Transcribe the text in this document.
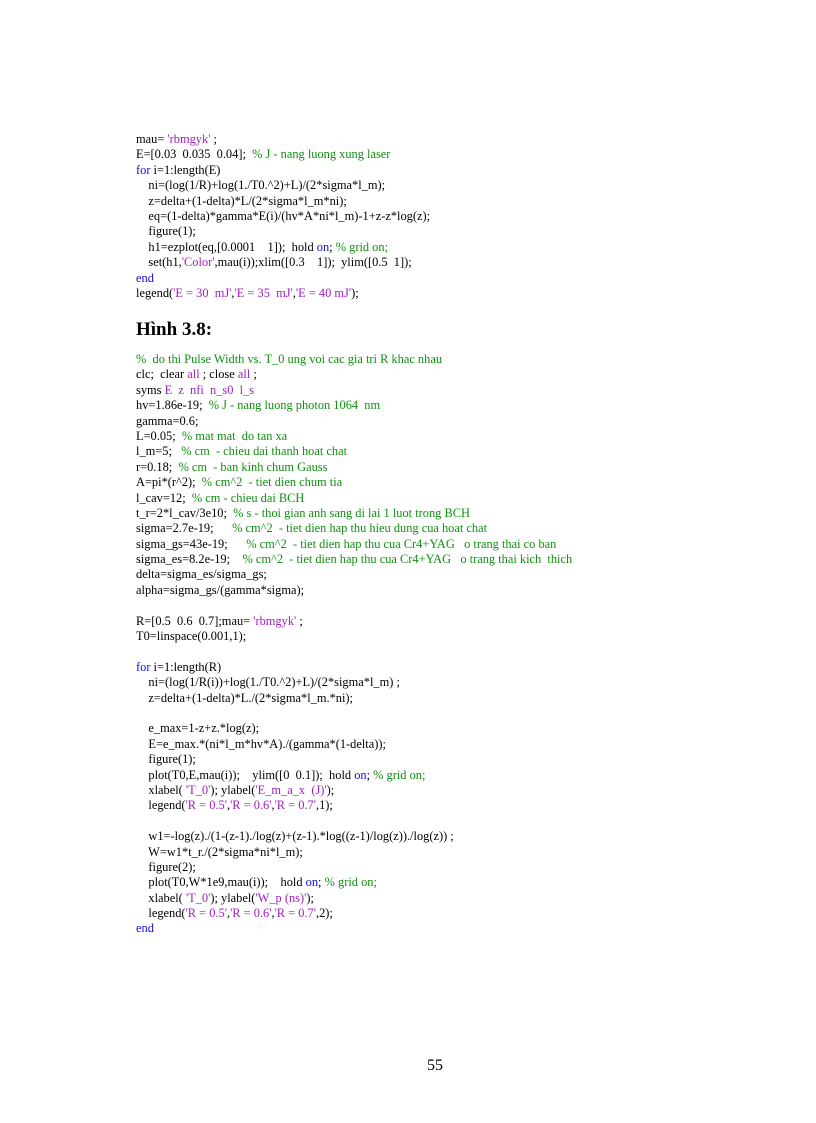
mau= 'rbmgyk' ;
E=[0.03  0.035  0.04];  % J - nang luong xung laser
for i=1:length(E)
ni=(log(1/R)+log(1./T0.^2)+L)/(2*sigma*l_m);
z=delta+(1-delta)*L/(2*sigma*l_m*ni);
eq=(1-delta)*gamma*E(i)/(hv*A*ni*l_m)-1+z-z*log(z);
figure(1);
h1=ezplot(eq,[0.0001    1]);  hold on; % grid on;
set(h1,'Color',mau(i));xlim([0.3    1]);  ylim([0.5  1]);
end
legend('E = 30  mJ','E = 35  mJ','E = 40 mJ');
Hình 3.8:
%  do thi Pulse Width vs. T_0 ung voi cac gia tri R khac nhau
clc;  clear all ; close all ;
syms E  z  nfi  n_s0  l_s
hv=1.86e-19;  % J - nang luong photon 1064  nm
gamma=0.6;
L=0.05;  % mat mat  do tan xa
l_m=5;   % cm  - chieu dai thanh hoat chat
r=0.18;  % cm  - ban kinh chum Gauss
A=pi*(r^2);  % cm^2  - tiet dien chum tia
l_cav=12;  % cm - chieu dai BCH
t_r=2*l_cav/3e10;  % s - thoi gian anh sang di lai 1 luot trong BCH
sigma=2.7e-19;      % cm^2  - tiet dien hap thu hieu dung cua hoat chat
sigma_gs=43e-19;      % cm^2  - tiet dien hap thu cua Cr4+YAG   o trang thai co ban
sigma_es=8.2e-19;    % cm^2  - tiet dien hap thu cua Cr4+YAG   o trang thai kich  thich
delta=sigma_es/sigma_gs;
alpha=sigma_gs/(gamma*sigma);
R=[0.5  0.6  0.7];mau= 'rbmgyk' ;
T0=linspace(0.001,1);
for i=1:length(R)
ni=(log(1/R(i))+log(1./T0.^2)+L)/(2*sigma*l_m) ;
z=delta+(1-delta)*L./(2*sigma*l_m.*ni);
e_max=1-z+z.*log(z);
E=e_max.*(ni*l_m*hv*A)./(gamma*(1-delta));
figure(1);
plot(T0,E,mau(i));    ylim([0  0.1]);  hold on; % grid on;
xlabel( 'T_0'); ylabel('E_m_a_x  (J)');
legend('R = 0.5','R = 0.6','R = 0.7',1);
w1=-log(z)./(1-(z-1)./log(z)+(z-1).*log((z-1)/log(z))./log(z)) ;
W=w1*t_r./(2*sigma*ni*l_m);
figure(2);
plot(T0,W*1e9,mau(i));    hold on; % grid on;
xlabel( 'T_0'); ylabel('W_p (ns)');
legend('R = 0.5','R = 0.6','R = 0.7',2);
end
55
